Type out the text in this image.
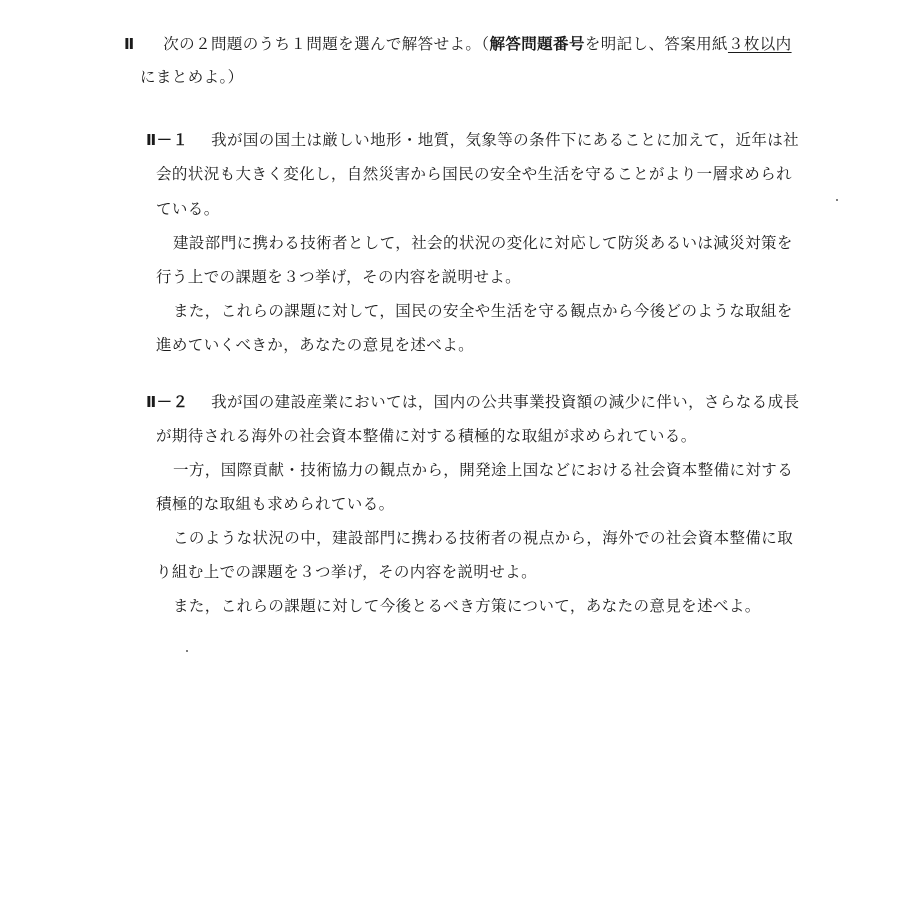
Ⅱ 次の２問題のうち１問題を選んで解答せよ。（解答問題番号を明記し、答案用紙３枚以内
にまとめよ。）
Ⅱ－１ 我が国の国土は厳しい地形・地質，気象等の条件下にあることに加えて，近年は社
会的状況も大きく変化し，自然災害から国民の安全や生活を守ることがより一層求められ
ている。
建設部門に携わる技術者として，社会的状況の変化に対応して防災あるいは減災対策を
行う上での課題を３つ挙げ，その内容を説明せよ。
また，これらの課題に対して，国民の安全や生活を守る観点から今後どのような取組を
進めていくべきか，あなたの意見を述べよ。
Ⅱ－２ 我が国の建設産業においては，国内の公共事業投資額の減少に伴い，さらなる成長
が期待される海外の社会資本整備に対する積極的な取組が求められている。
一方，国際貢献・技術協力の観点から，開発途上国などにおける社会資本整備に対する
積極的な取組も求められている。
このような状況の中，建設部門に携わる技術者の視点から，海外での社会資本整備に取
り組む上での課題を３つ挙げ，その内容を説明せよ。
また，これらの課題に対して今後とるべき方策について，あなたの意見を述べよ。
